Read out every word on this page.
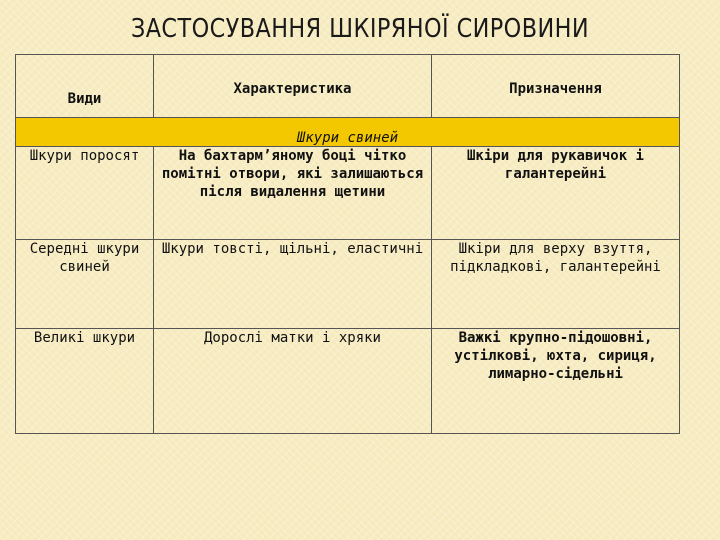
ЗАСТОСУВАННЯ ШКІРЯНОЇ СИРОВИНИ
Види	Характеристика	Призначення

Шкури свиней		
Шкури поросят	На бахтарм’яному боці чітко помітні отвори, які залишаються після видалення щетини	Шкіри для рукавичок і галантерейні
Середні шкури свиней	Шкури товсті, щільні, еластичні	Шкіри для верху взуття, підкладкові, галантерейні
Великі шкури	Дорослі матки і хряки	Важкі крупно-підошовні, устілкові, юхта, сириця, лимарно-сідельні
